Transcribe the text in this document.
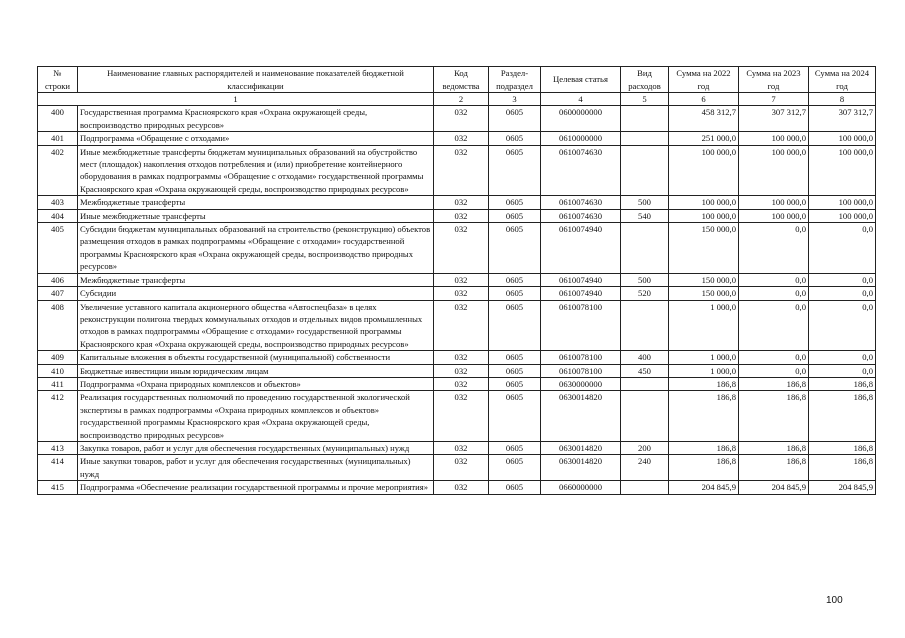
№ строки	Наименование главных распорядителей и наименование показателей бюджетной классификации	Код ведомства	Раздел-подраздел	Целевая статья	Вид расходов	Сумма на 2022 год	Сумма на 2023 год	Сумма на 2024 год
1		2	3	4	5	6	7	8
400	Государственная программа Красноярского края «Охрана окружающей среды, воспроизводство природных ресурсов»	032	0605	0600000000		458 312,7	307 312,7	307 312,7
401	Подпрограмма «Обращение с отходами»	032	0605	0610000000		251 000,0	100 000,0	100 000,0
402	Иные межбюджетные трансферты бюджетам муниципальных образований на обустройство мест (площадок) накопления отходов потребления и (или) приобретение контейнерного оборудования в рамках подпрограммы «Обращение с отходами» государственной программы Красноярского края «Охрана окружающей среды, воспроизводство природных ресурсов»	032	0605	0610074630		100 000,0	100 000,0	100 000,0
403	Межбюджетные трансферты	032	0605	0610074630	500	100 000,0	100 000,0	100 000,0
404	Иные межбюджетные трансферты	032	0605	0610074630	540	100 000,0	100 000,0	100 000,0
405	Субсидии бюджетам муниципальных образований на строительство (реконструкцию) объектов размещения отходов в рамках подпрограммы «Обращение с отходами» государственной программы Красноярского края «Охрана окружающей среды, воспроизводство природных ресурсов»	032	0605	0610074940		150 000,0	0,0	0,0
406	Межбюджетные трансферты	032	0605	0610074940	500	150 000,0	0,0	0,0
407	Субсидии	032	0605	0610074940	520	150 000,0	0,0	0,0
408	Увеличение уставного капитала акционерного общества «Автоспецбаза» в целях реконструкции полигона твердых коммунальных отходов и отдельных видов промышленных отходов в рамках подпрограммы «Обращение с отходами» государственной программы Красноярского края «Охрана окружающей среды, воспроизводство природных ресурсов»	032	0605	0610078100		1 000,0	0,0	0,0
409	Капитальные вложения в объекты государственной (муниципальной) собственности	032	0605	0610078100	400	1 000,0	0,0	0,0
410	Бюджетные инвестиции иным юридическим лицам	032	0605	0610078100	450	1 000,0	0,0	0,0
411	Подпрограмма «Охрана природных комплексов и объектов»	032	0605	0630000000		186,8	186,8	186,8
412	Реализация государственных полномочий по проведению государственной экологической экспертизы в рамках подпрограммы «Охрана природных комплексов и объектов» государственной программы Красноярского края «Охрана окружающей среды, воспроизводство природных ресурсов»	032	0605	0630014820		186,8	186,8	186,8
413	Закупка товаров, работ и услуг для обеспечения государственных (муниципальных) нужд	032	0605	0630014820	200	186,8	186,8	186,8
414	Иные закупки товаров, работ и услуг для обеспечения государственных (муниципальных) нужд	032	0605	0630014820	240	186,8	186,8	186,8
415	Подпрограмма «Обеспечение реализации государственной программы и прочие мероприятия»	032	0605	0660000000		204 845,9	204 845,9	204 845,9
100
